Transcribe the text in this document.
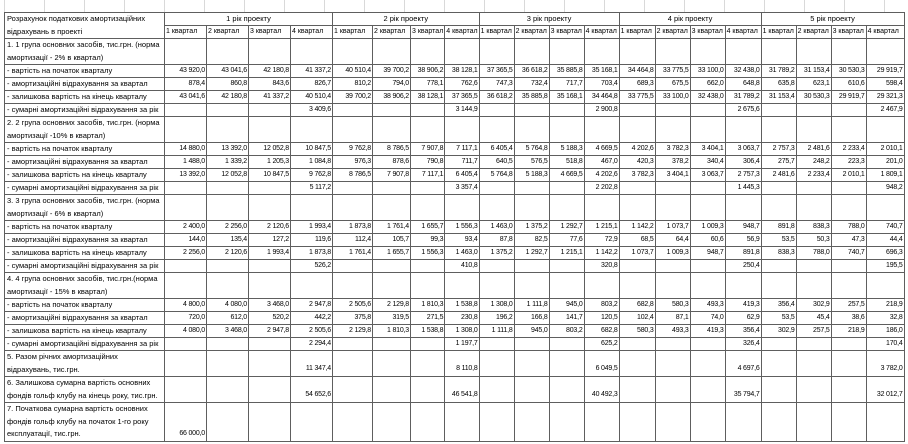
Розрахунок податкових амортизаційних відрахувань в проекті	1 рік проекту				2 рік проекту				3 рік проекту				4 рік проекту				5 рік проекту			
	1 квартал	2 квартал	3 квартал	4 квартал	1 квартал	2 квартал	3 квартал	4 квартал	1 квартал	2 квартал	3 квартал	4 квартал	1 квартал	2 квартал	3 квартал	4 квартал	1 квартал	2 квартал	3 квартал	4 квартал
1. 1 група основних засобів, тис.грн. (норма амортизації - 2% в квартал)																				
- вартість на початок кварталу	43 920,0	43 041,6	42 180,8	41 337,2	40 510,4	39 700,2	38 906,2	38 128,1	37 365,5	36 618,2	35 885,8	35 168,1	34 464,8	33 775,5	33 100,0	32 438,0	31 789,2	31 153,4	30 530,3	29 919,7
- амортизаційні відрахування за квартал	878,4	860,8	843,6	826,7	810,2	794,0	778,1	762,6	747,3	732,4	717,7	703,4	689,3	675,5	662,0	648,8	635,8	623,1	610,6	598,4
- залишкова вартість на кінець кварталу	43 041,6	42 180,8	41 337,2	40 510,4	39 700,2	38 906,2	38 128,1	37 365,5	36 618,2	35 885,8	35 168,1	34 464,8	33 775,5	33 100,0	32 438,0	31 789,2	31 153,4	30 530,3	29 919,7	29 321,3
- сумарні амортизаційні відрахування за рік				3 409,6				3 144,9				2 900,8				2 675,6				2 467,9
2. 2 група основних засобів, тис.грн. (норма амортизації -10% в квартал)																				
- вартість на початок кварталу	14 880,0	13 392,0	12 052,8	10 847,5	9 762,8	8 786,5	7 907,8	7 117,1	6 405,4	5 764,8	5 188,3	4 669,5	4 202,6	3 782,3	3 404,1	3 063,7	2 757,3	2 481,6	2 233,4	2 010,1
- амортизаційні відрахування за квартал	1 488,0	1 339,2	1 205,3	1 084,8	976,3	878,6	790,8	711,7	640,5	576,5	518,8	467,0	420,3	378,2	340,4	306,4	275,7	248,2	223,3	201,0
- залишкова вартість на кінець кварталу	13 392,0	12 052,8	10 847,5	9 762,8	8 786,5	7 907,8	7 117,1	6 405,4	5 764,8	5 188,3	4 669,5	4 202,6	3 782,3	3 404,1	3 063,7	2 757,3	2 481,6	2 233,4	2 010,1	1 809,1
- сумарні амортизаційні відрахування за рік				5 117,2				3 357,4				2 202,8				1 445,3				948,2
3. 3 група основних засобів, тис.грн. (норма амортизації - 6% в квартал)																				
- вартість на початок кварталу	2 400,0	2 256,0	2 120,6	1 993,4	1 873,8	1 761,4	1 655,7	1 556,3	1 463,0	1 375,2	1 292,7	1 215,1	1 142,2	1 073,7	1 009,3	948,7	891,8	838,3	788,0	740,7
- амортизаційні відрахування за квартал	144,0	135,4	127,2	119,6	112,4	105,7	99,3	93,4	87,8	82,5	77,6	72,9	68,5	64,4	60,6	56,9	53,5	50,3	47,3	44,4
- залишкова вартість на кінець кварталу	2 256,0	2 120,6	1 993,4	1 873,8	1 761,4	1 655,7	1 556,3	1 463,0	1 375,2	1 292,7	1 215,1	1 142,2	1 073,7	1 009,3	948,7	891,8	838,3	788,0	740,7	696,3
- сумарні амортизаційні відрахування за рік				526,2				410,8				320,8				250,4				195,5
4. 4 група основних засобів, тис.грн.(норма амортизації - 15% в квартал)																				
- вартість на початок кварталу	4 800,0	4 080,0	3 468,0	2 947,8	2 505,6	2 129,8	1 810,3	1 538,8	1 308,0	1 111,8	945,0	803,2	682,8	580,3	493,3	419,3	356,4	302,9	257,5	218,9
- амортизаційні відрахування за квартал	720,0	612,0	520,2	442,2	375,8	319,5	271,5	230,8	196,2	166,8	141,7	120,5	102,4	87,1	74,0	62,9	53,5	45,4	38,6	32,8
- залишкова вартість на кінець кварталу	4 080,0	3 468,0	2 947,8	2 505,6	2 129,8	1 810,3	1 538,8	1 308,0	1 111,8	945,0	803,2	682,8	580,3	493,3	419,3	356,4	302,9	257,5	218,9	186,0
- сумарні амортизаційні відрахування за рік				2 294,4				1 197,7				625,2				326,4				170,4
5. Разом річних амортизаційних відрахувань, тис.грн.				11 347,4				8 110,8				6 049,5				4 697,6				3 782,0
6. Залишкова сумарна вартість основних фондів гольф клубу на кінець року, тис.грн.				54 652,6				46 541,8				40 492,3				35 794,7				32 012,7
7. Початкова сумарна вартість основних фондів гольф клубу на початок 1-го року експлуатації, тис.грн.	66 000,0																			
